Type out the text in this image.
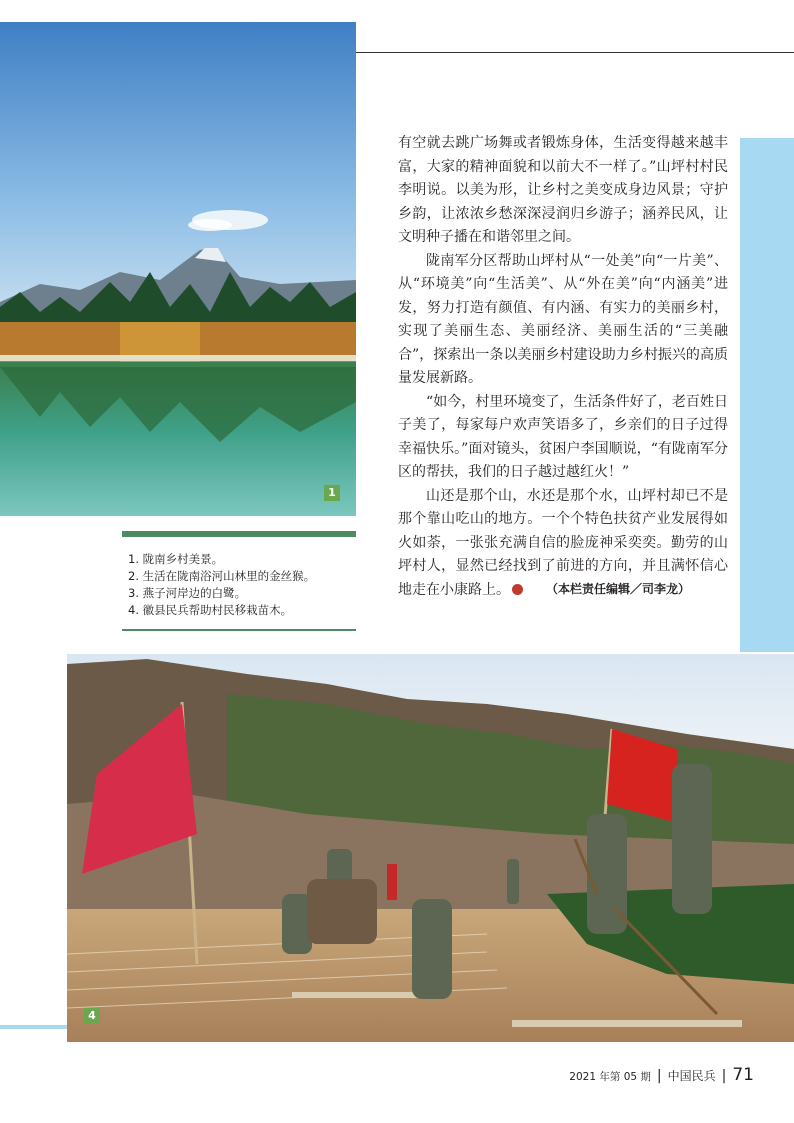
1

有空就去跳广场舞或者锻炼身体，生活变得越来越丰富，大家的精神面貌和以前大不一样了。”山坪村村民李明说。以美为形，让乡村之美变成身边风景；守护乡韵，让浓浓乡愁深深浸润归乡游子；涵养民风，让文明种子播在和谐邻里之间。

陇南军分区帮助山坪村从“一处美”向“一片美”、从“环境美”向“生活美”、从“外在美”向“内涵美”进发，努力打造有颜值、有内涵、有实力的美丽乡村，实现了美丽生态、美丽经济、美丽生活的“三美融合”，探索出一条以美丽乡村建设助力乡村振兴的高质量发展新路。

“如今，村里环境变了，生活条件好了，老百姓日子美了，每家每户欢声笑语多了，乡亲们的日子过得幸福快乐。”面对镜头，贫困户李国顺说，“有陇南军分区的帮扶，我们的日子越过越红火！”

山还是那个山，水还是那个水，山坪村却已不是那个靠山吃山的地方。一个个特色扶贫产业发展得如火如荼，一张张充满自信的脸庞神采奕奕。勤劳的山坪村人，显然已经找到了前进的方向，并且满怀信心地走在小康路上。	（本栏责任编辑／司李龙）
1. 陇南乡村美景。
2. 生活在陇南浴河山林里的金丝猴。
3. 燕子河岸边的白鹭。
4. 徽县民兵帮助村民移栽苗木。
4
2021 年第 05 期 | 中国民兵 | 71
